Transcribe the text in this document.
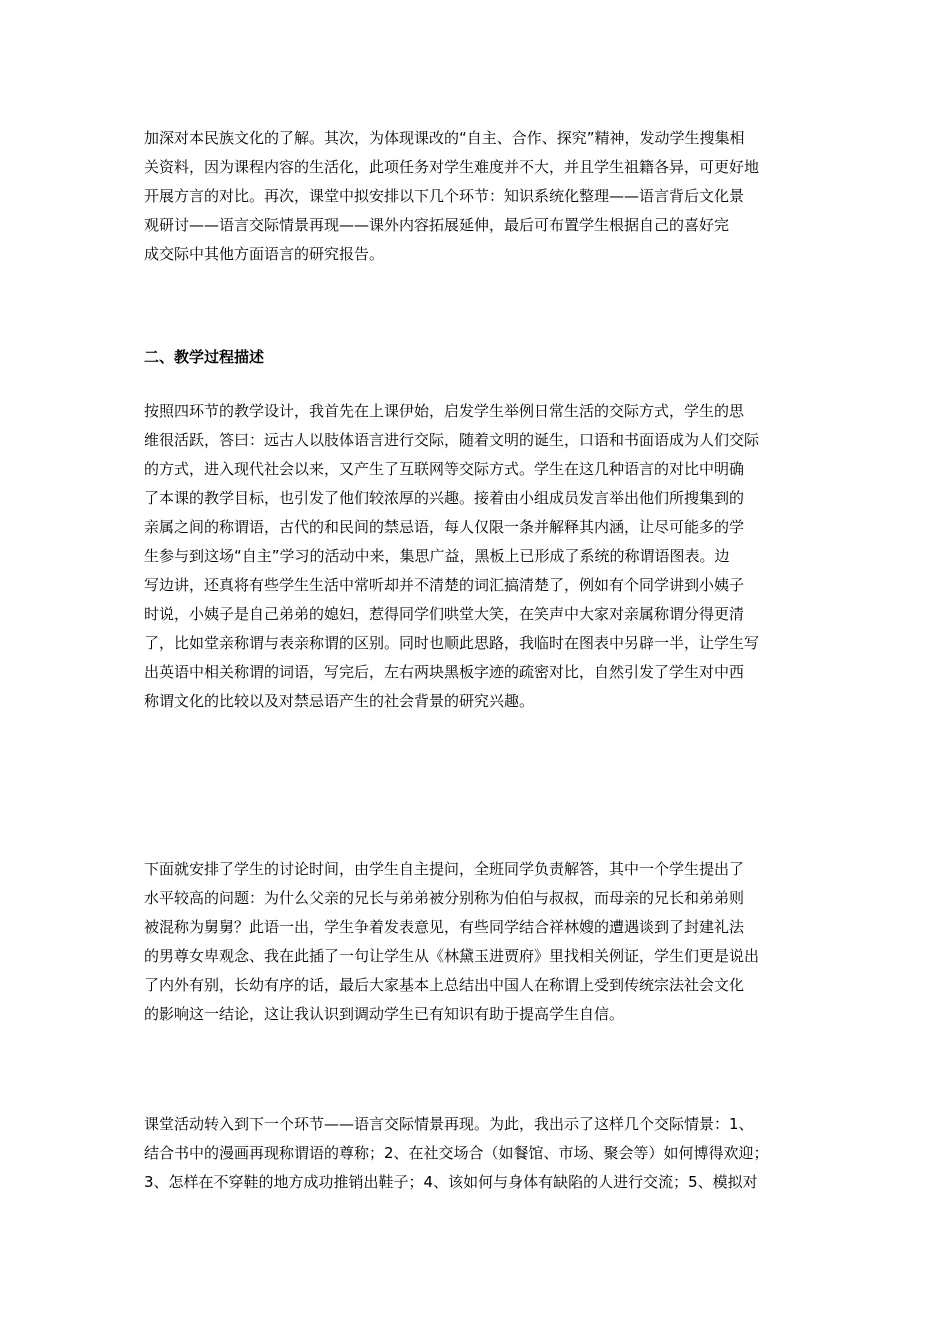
加深对本民族文化的了解。其次，为体现课改的“自主、合作、探究”精神，发动学生搜集相
关资料，因为课程内容的生活化，此项任务对学生难度并不大，并且学生祖籍各异，可更好地
开展方言的对比。再次，课堂中拟安排以下几个环节：知识系统化整理——语言背后文化景
观研讨——语言交际情景再现——课外内容拓展延伸，最后可布置学生根据自己的喜好完
成交际中其他方面语言的研究报告。
二、教学过程描述
按照四环节的教学设计，我首先在上课伊始，启发学生举例日常生活的交际方式，学生的思
维很活跃，答曰：远古人以肢体语言进行交际，随着文明的诞生，口语和书面语成为人们交际
的方式，进入现代社会以来，又产生了互联网等交际方式。学生在这几种语言的对比中明确
了本课的教学目标，也引发了他们较浓厚的兴趣。接着由小组成员发言举出他们所搜集到的
亲属之间的称谓语，古代的和民间的禁忌语，每人仅限一条并解释其内涵，让尽可能多的学
生参与到这场“自主”学习的活动中来，集思广益，黑板上已形成了系统的称谓语图表。边
写边讲，还真将有些学生生活中常听却并不清楚的词汇搞清楚了，例如有个同学讲到小姨子
时说，小姨子是自己弟弟的媳妇，惹得同学们哄堂大笑，在笑声中大家对亲属称谓分得更清
了，比如堂亲称谓与表亲称谓的区别。同时也顺此思路，我临时在图表中另辟一半，让学生写
出英语中相关称谓的词语，写完后，左右两块黑板字迹的疏密对比，自然引发了学生对中西
称谓文化的比较以及对禁忌语产生的社会背景的研究兴趣。
下面就安排了学生的讨论时间，由学生自主提问，全班同学负责解答，其中一个学生提出了
水平较高的问题：为什么父亲的兄长与弟弟被分别称为伯伯与叔叔，而母亲的兄长和弟弟则
被混称为舅舅？此语一出，学生争着发表意见，有些同学结合祥林嫂的遭遇谈到了封建礼法
的男尊女卑观念、我在此插了一句让学生从《林黛玉进贾府》里找相关例证，学生们更是说出
了内外有别，长幼有序的话，最后大家基本上总结出中国人在称谓上受到传统宗法社会文化
的影响这一结论，这让我认识到调动学生已有知识有助于提高学生自信。
课堂活动转入到下一个环节——语言交际情景再现。为此，我出示了这样几个交际情景：1、
结合书中的漫画再现称谓语的尊称；2、在社交场合（如餐馆、市场、聚会等）如何博得欢迎；
3、怎样在不穿鞋的地方成功推销出鞋子；4、该如何与身体有缺陷的人进行交流；5、模拟对
